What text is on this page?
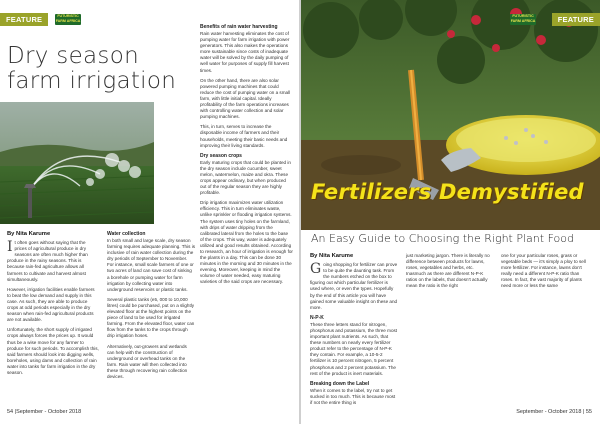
FEATURE	FUTURISTIC
FARM AFRICA
Dry season
farm irrigation

By Nita Karume

It often goes without saying that the prices of agricultural produce in dry seasons are often much higher than produce in the rainy seasons. This is because rain-fed agriculture allows all farmers to cultivate and harvest almost simultaneously.

However, irrigation facilities enable farmers to beat the low demand and supply in this case. As such, they are able to produce crops at odd periods especially in the dry season when rain-fed agricultural products are not available.

Unfortunately, the short supply of irrigated crops always forces the prices up. It would thus be a wise move for any farmer to produce for such periods. To accomplish this, said farmers should look into digging wells, boreholes, using dams and collection of rain water into tanks for farm irrigation in the dry season.

Water collection

In both small and large scale, dry season farming requires adequate planning. This is inclusive of rain water collection during the dry periods of September to November. For instance, small scale farmers of one or two acres of land can save cost of sinking a borehole or pumping water for farm irrigation by collecting water into underground reservoirs or plastic tanks.

Several plastic tanks (e5, 000 to 10,000 litres) could be purchased, put on a slightly elevated floor at the highest points on the piece of land to be used for irrigated farming. From the elevated floor, water can flow from the tanks to the crops through drip irrigation hoses.

Alternatively, out-growers and wetlands can help with the construction of underground or overhead tanks on the farm. Rain water will then collected into these through recovering rain collection devices.

Benefits of rain water harvesting

Rain water harvesting eliminates the cost of pumping water for farm irrigation with power generators. This also makes the operations more sustainable since costs of inadequate water will be solved by the daily pumping of well water for purposes of supply fill harvest times.

On the other hand, there are also solar powered pumping machines that could reduce the cost of pumping water on a small farm, with little initial capital. Ideally profitability of the farm operations increases with controlling water collection and solar pumping machines.

This, in turn, serves to increase the disposable income of farmers and their households, meeting their basic needs and improving their living standards.

Dry season crops

Early maturing crops that could be planted in the dry season include cucumber, sweet melon, watermelon, maize and okra. These crops appear ordinary, but when produced out of the regular season they are highly profitable.

Drip irrigation maximizes water utilization efficiency. This in turn eliminates waste, unlike sprinkler or flooding irrigation systems. The system uses tiny holes on the farmland, with drips of water dripping from the calibrated lateral from the holes to the base of the crops. This way, water is adequately utilized and good results obtained. According to research, an hour of irrigation is enough for the plants in a day. This can be done 30 minutes in the morning and 30 minutes in the evening. Moreover, keeping in mind the volume of water needed, easy maturing varieties of the said crops are necessary.

54 |September - October 2018
FUTURISTIC
FARM AFRICA	FEATURE
Fertilizers Demystified
An Easy Guide to Choosing the Right Plant Food

By Nita Karume

Going shopping for fertilizer can prove to be quite the daunting task. From the numbers etched on the box to figuring out which particular fertilizer is used where, or even the types. Hopefully by the end of this article you will have gained some valuable insight on these and more.

N-P-K

These three letters stand for nitrogen, phosphorus and potassium, the three most important plant nutrients. As such, that these numbers on nearly every fertilizer product refer to the percentage of N-P-K they contain. For example, a 10-5-2 fertilizer is 10 percent nitrogen, 5 percent phosphorus and 2 percent potassium. The rest of the product is inert materials.

Breaking down the Label

When it comes to the label, try not to get sucked in too much. This is because most if not the entire thing is

just marketing jargon. There is literally no difference between products for lawns, roses, vegetables and herbs, etc. Inasmuch as there are different N-P-K ratios on the labels, that doesn't actually mean the ratio is the right

one for your particular roses, grass or vegetable beds — it's simply a ploy to sell more fertilizer. For instance, lawns don't really need a different N-P-K ratio than roses. In fact, the vast majority of plants need more or less the same

September - October 2018 | 55
